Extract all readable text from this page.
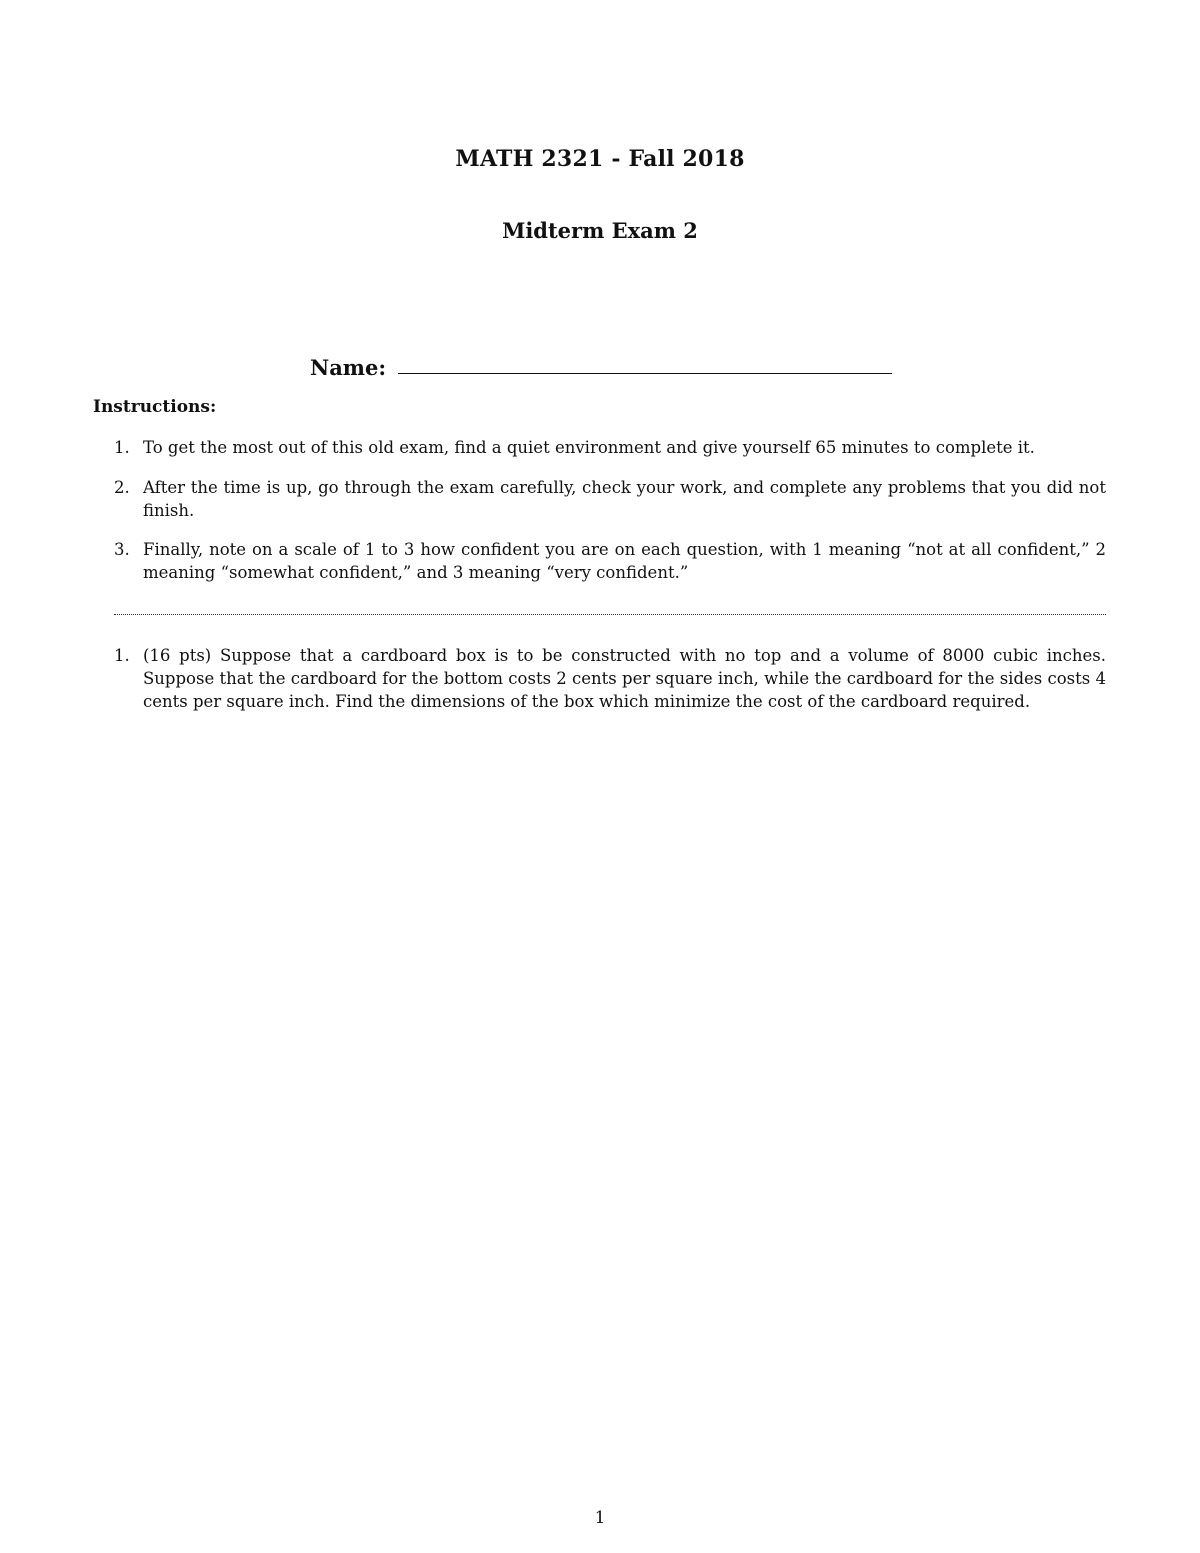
MATH 2321 - Fall 2018
Midterm Exam 2
Name:
Instructions:
1. To get the most out of this old exam, find a quiet environment and give yourself 65 minutes to complete it.
2. After the time is up, go through the exam carefully, check your work, and complete any problems that you did not finish.
3. Finally, note on a scale of 1 to 3 how confident you are on each question, with 1 meaning “not at all confident,” 2 meaning “somewhat confident,” and 3 meaning “very confident.”
1. (16 pts) Suppose that a cardboard box is to be constructed with no top and a volume of 8000 cubic inches. Suppose that the cardboard for the bottom costs 2 cents per square inch, while the cardboard for the sides costs 4 cents per square inch. Find the dimensions of the box which minimize the cost of the cardboard required.
1
